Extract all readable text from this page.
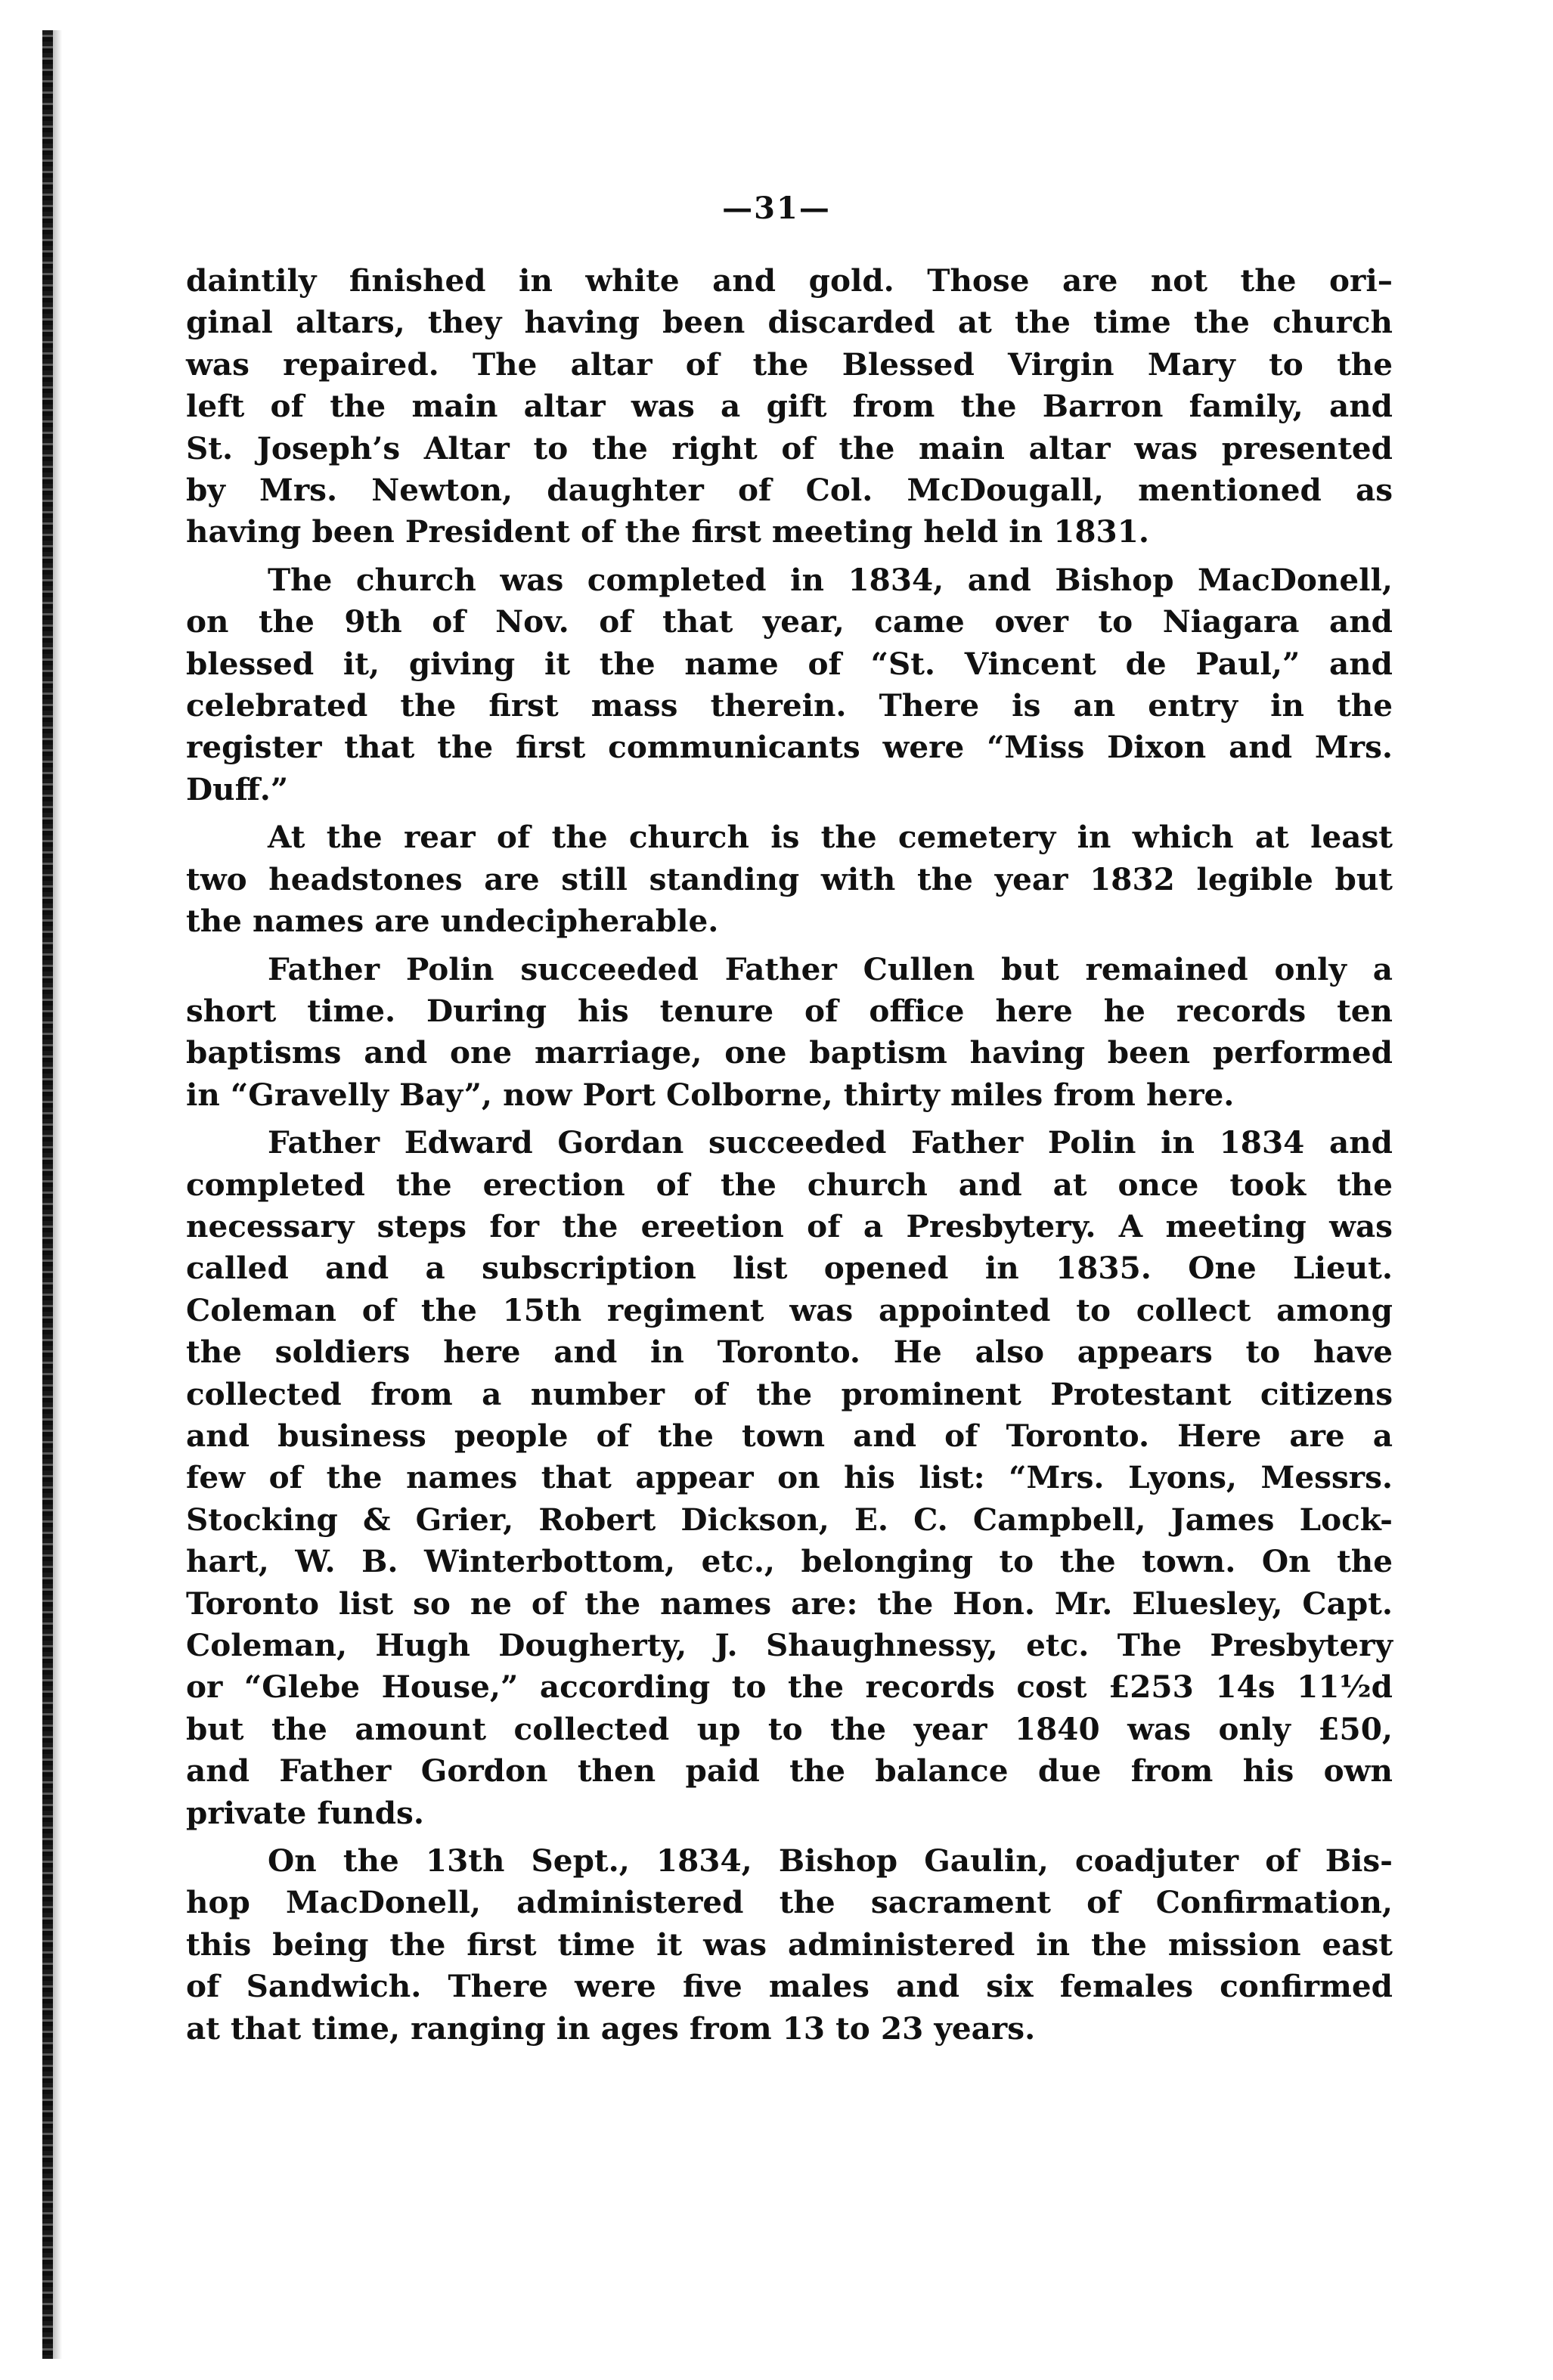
—31—

daintily finished in white and gold. Those are not the ori–
ginal altars, they having been discarded at the time the church
was repaired. The altar of the Blessed Virgin Mary to the
left of the main altar was a gift from the Barron family, and
St. Joseph’s Altar to the right of the main altar was presented
by Mrs. Newton, daughter of Col. McDougall, mentioned as
having been President of the first meeting held in 1831.

The church was completed in 1834, and Bishop MacDonell,
on the 9th of Nov. of that year, came over to Niagara and
blessed it, giving it the name of “St. Vincent de Paul,” and
celebrated the first mass therein. There is an entry in the
register that the first communicants were “Miss Dixon and Mrs.
Duff.”

At the rear of the church is the cemetery in which at least
two headstones are still standing with the year 1832 legible but
the names are undecipherable.

Father Polin succeeded Father Cullen but remained only a
short time. During his tenure of office here he records ten
baptisms and one marriage, one baptism having been performed
in “Gravelly Bay”, now Port Colborne, thirty miles from here.

Father Edward Gordan succeeded Father Polin in 1834 and
completed the erection of the church and at once took the
necessary steps for the ereetion of a Presbytery. A meeting was
called and a subscription list opened in 1835. One Lieut.
Coleman of the 15th regiment was appointed to collect among
the soldiers here and in Toronto. He also appears to have
collected from a number of the prominent Protestant citizens
and business people of the town and of Toronto. Here are a
few of the names that appear on his list: “Mrs. Lyons, Messrs.
Stocking & Grier, Robert Dickson, E. C. Campbell, James Lock-
hart, W. B. Winterbottom, etc., belonging to the town. On the
Toronto list so ne of the names are: the Hon. Mr. Eluesley, Capt.
Coleman, Hugh Dougherty, J. Shaughnessy, etc. The Presbytery
or “Glebe House,” according to the records cost £253 14s 11½d
but the amount collected up to the year 1840 was only £50,
and Father Gordon then paid the balance due from his own
private funds.

On the 13th Sept., 1834, Bishop Gaulin, coadjuter of Bis-
hop MacDonell, administered the sacrament of Confirmation,
this being the first time it was administered in the mission east
of Sandwich. There were five males and six females confirmed
at that time, ranging in ages from 13 to 23 years.
